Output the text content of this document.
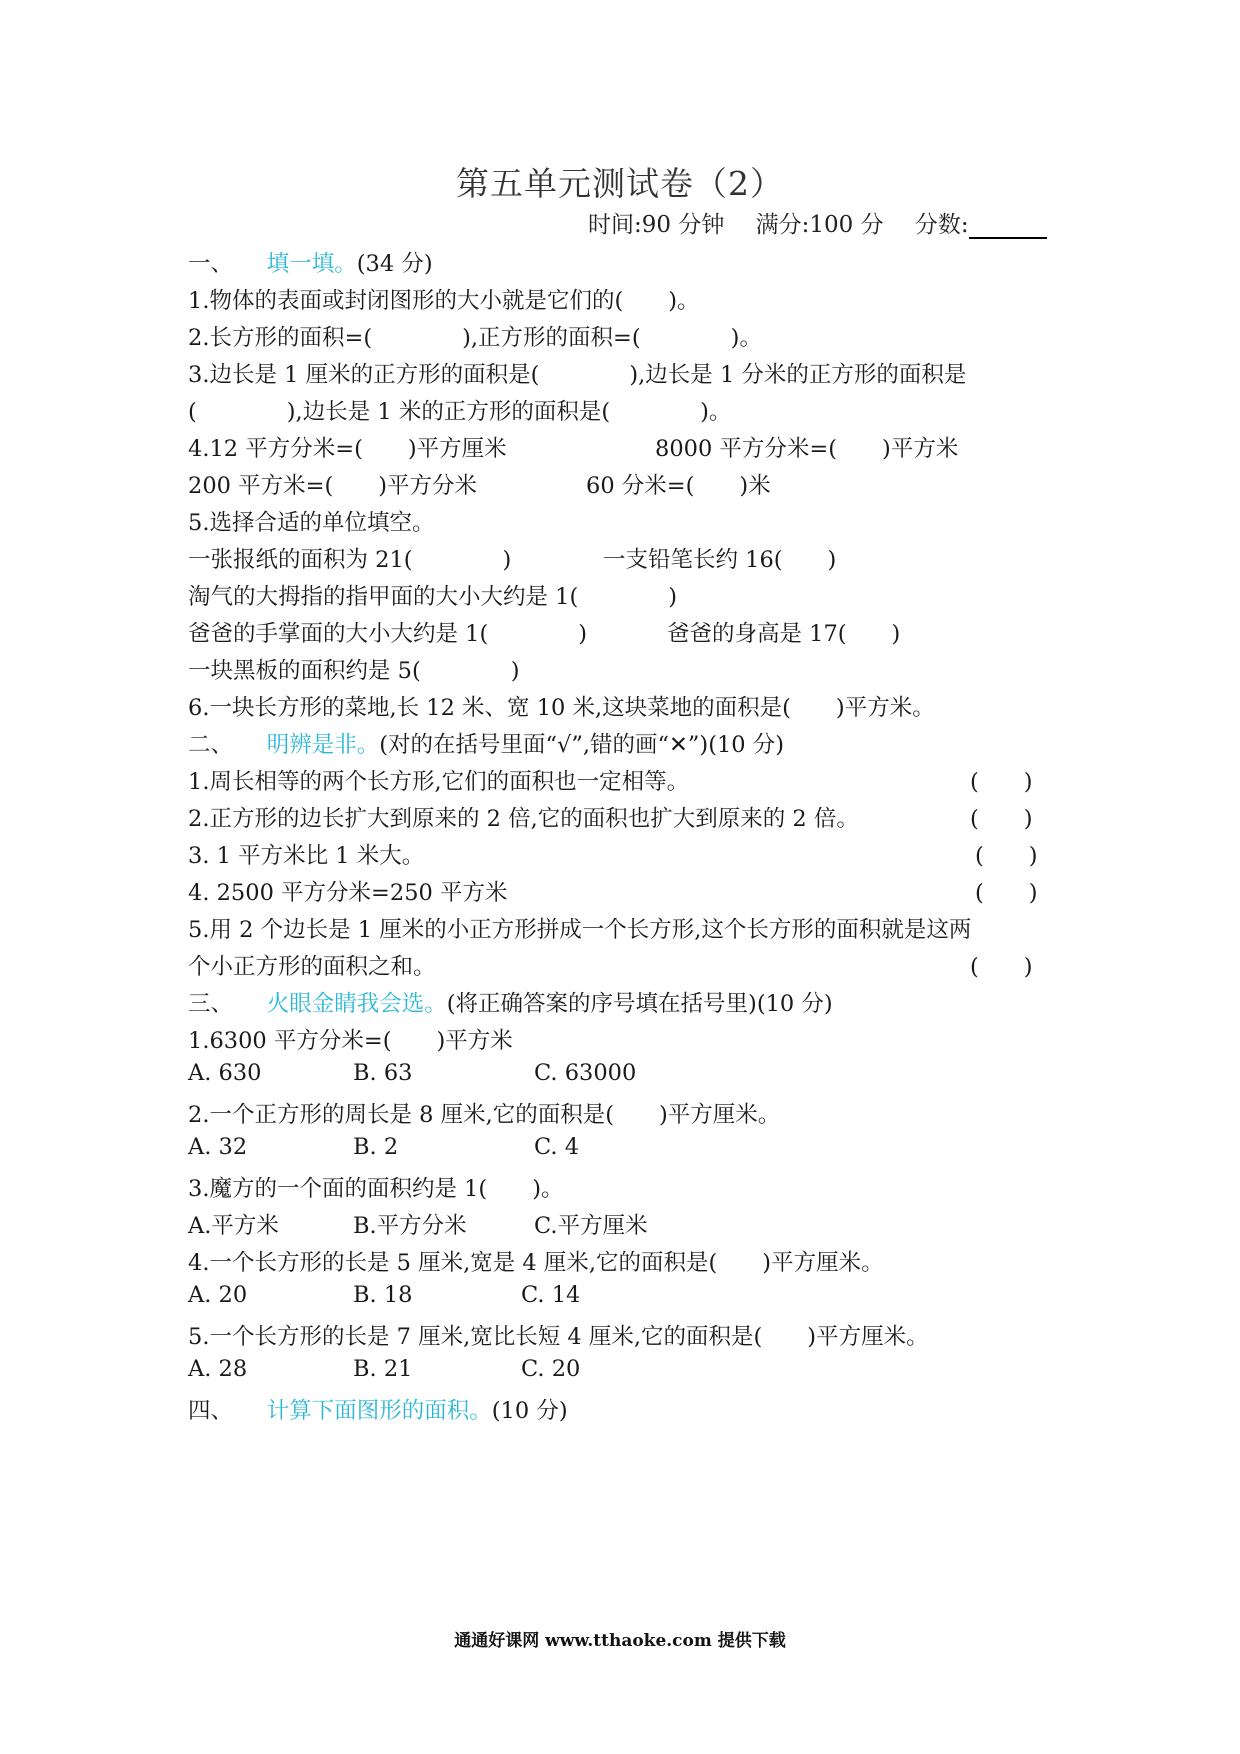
第五单元测试卷（2）
时间:90 分钟 满分:100 分 分数:
一、   填一填。(34 分)
1.物体的表面或封闭图形的大小就是它们的(　　)。
2.长方形的面积=(　　　　),正方形的面积=(　　　　)。
3.边长是 1 厘米的正方形的面积是(　　　　),边长是 1 分米的正方形的面积是
(　　　　),边长是 1 米的正方形的面积是(　　　　)。
4.12 平方分米=(　　)平方厘米	8000 平方分米=(　　)平方米
200 平方米=(　　)平方分米	60 分米=(　　)米
5.选择合适的单位填空。
一张报纸的面积为 21(　　　　)	一支铅笔长约 16(　　)
淘气的大拇指的指甲面的大小大约是 1(　　　　)
爸爸的手掌面的大小大约是 1(　　　　)	爸爸的身高是 17(　　)
一块黑板的面积约是 5(　　　　)
6.一块长方形的菜地,长 12 米、宽 10 米,这块菜地的面积是(　　)平方米。
二、   明辨是非。(对的在括号里面“√”,错的画“✕”)(10 分)
1.周长相等的两个长方形,它们的面积也一定相等。	(　　)
2.正方形的边长扩大到原来的 2 倍,它的面积也扩大到原来的 2 倍。	(　　)
3. 1 平方米比 1 米大。	(　　)
4. 2500 平方分米=250 平方米	(　　)
5.用 2 个边长是 1 厘米的小正方形拼成一个长方形,这个长方形的面积就是这两
个小正方形的面积之和。	(　　)
三、   火眼金睛我会选。(将正确答案的序号填在括号里)(10 分)
1.6300 平方分米=(　　)平方米
A. 630	B. 63	C. 63000
2.一个正方形的周长是 8 厘米,它的面积是(　　)平方厘米。
A. 32	B. 2	C. 4
3.魔方的一个面的面积约是 1(　　)。
A.平方米	B.平方分米	C.平方厘米
4.一个长方形的长是 5 厘米,宽是 4 厘米,它的面积是(　　)平方厘米。
A. 20	B. 18	C. 14
5.一个长方形的长是 7 厘米,宽比长短 4 厘米,它的面积是(　　)平方厘米。
A. 28	B. 21	C. 20
四、   计算下面图形的面积。(10 分)
通通好课网 www.tthaoke.com 提供下载
